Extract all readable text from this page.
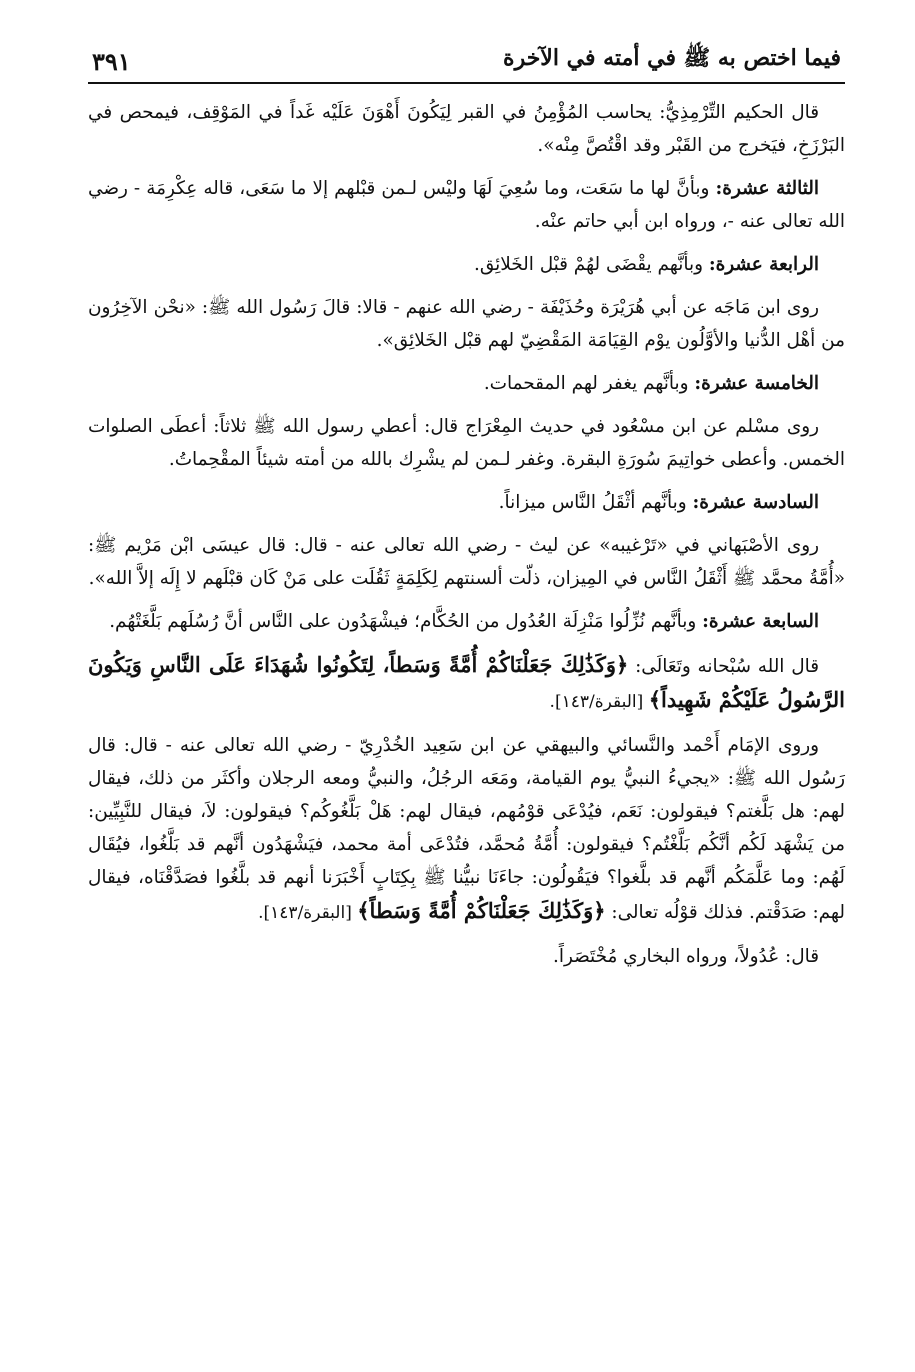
فيما اختص به ﷺ في أمته في الآخرة
٣٩١

قال الحكيم التِّرْمِذِيُّ: يحاسب المُؤْمِنُ في القبر لِيَكُونَ أَهْوَنَ عَلَيْه غَداً في المَوْقِف، فيمحص في البَرْزَخِ، فيَخرج من القَبْر وقد اقْتُصَّ مِنْه».

الثالثة عشرة: وبأنَّ لها ما سَعَت، وما سُعِيَ لَهَا وليْس لـمن قبْلهم إلا ما سَعَى، قاله عِكْرِمَة - رضي الله تعالى عنه -، ورواه ابن أبي حاتم عنْه.

الرابعة عشرة: وبأنَّهم يقْضَى لهُمْ قبْل الخَلائِق.

روى ابن مَاجَه عن أبي هُرَيْرَة وحُذَيْفَة - رضي الله عنهم - قالا: قالَ رَسُول الله ﷺ: «نحْن الآخِرُون من أهْل الدُّنيا والأوَّلُون يوْم القِيَامَة المَقْضِيّ لهم قبْل الخَلائِق».

الخامسة عشرة: وبأنَّهم يغفر لهم المقحمات.

روى مسْلم عن ابن مسْعُود في حديث المِعْرَاج قال: أعطي رسول الله ﷺ ثلاثاً: أعطَى الصلوات الخمس. وأعطى خواتِيمَ سُورَةِ البقرة. وغفر لـمن لم يشْرِك بالله من أمته شيئاً المقْحِماتُ.

السادسة عشرة: وبأنَّهم أثْقَلُ النَّاس ميزاناً.

روى الأصْبَهاني في «تَرْغيبه» عن ليث - رضي الله تعالى عنه - قال: قال عيسَى ابْن مَرْيم ﷺ: «أُمَّةُ محمَّد ﷺ أَثْقَلُ النَّاس في المِيزان، ذلّت ألسنتهم لِكَلِمَةٍ ثَقُلَت على مَنْ كَان قبْلَهم لا إِلَه إلاَّ الله».

السابعة عشرة: وبأنَّهم نُزِّلُوا مَنْزِلَة العُدُول من الحُكَّام؛ فيشْهَدُون على النَّاس أنَّ رُسُلَهم بَلَّغَتْهُم.

قال الله سُبْحانه وتَعَالَى: ﴿وَكَذَٰلِكَ جَعَلْنَاكُمْ أُمَّةً وَسَطاً، لِتَكُونُوا شُهَدَاءَ عَلَى النَّاسِ وَيَكُونَ الرَّسُولُ عَلَيْكُمْ شَهِيداً﴾ [البقرة/١٤٣].

وروى الإمَام أَحْمد والنَّسائي والبيهقي عن ابن سَعِيد الخُدْرِيّ - رضي الله تعالى عنه - قال: قال رَسُول الله ﷺ: «يجيءُ النبيُّ يوم القيامة، ومَعَه الرجُلُ، والنبيُّ ومعه الرجلان وأكثَر من ذلك، فيقال لهم: هل بَلَّغتم؟ فيقولون: نَعَم، فيُدْعَى قوْمُهم، فيقال لهم: هَلْ بَلَّغُوكُم؟ فيقولون: لاَ، فيقال للنَّبِيِّين: من يَشْهَد لَكُم أنَّكُم بَلَّغْتُم؟ فيقولون: أُمَّةُ مُحمَّد، فتُدْعَى أمة محمد، فيَشْهَدُون أنَّهم قد بَلَّغُوا، فيُقَال لَهُم: وما عَلَّمَكُم أنَّهم قد بلَّغوا؟ فيَقُولُون: جاءَنَا نبيُّنا ﷺ بِكِتَابٍ أَخْبَرَنا أنهم قد بلَّغُوا فصَدَّقْنَاه، فيقال لهم: صَدَقْتم. فذلك قوْلُه تعالى: ﴿وَكَذَٰلِكَ جَعَلْنَاكُمْ أُمَّةً وَسَطاً﴾ [البقرة/١٤٣].

قال: عُدُولاً، ورواه البخاري مُخْتَصَراً.
